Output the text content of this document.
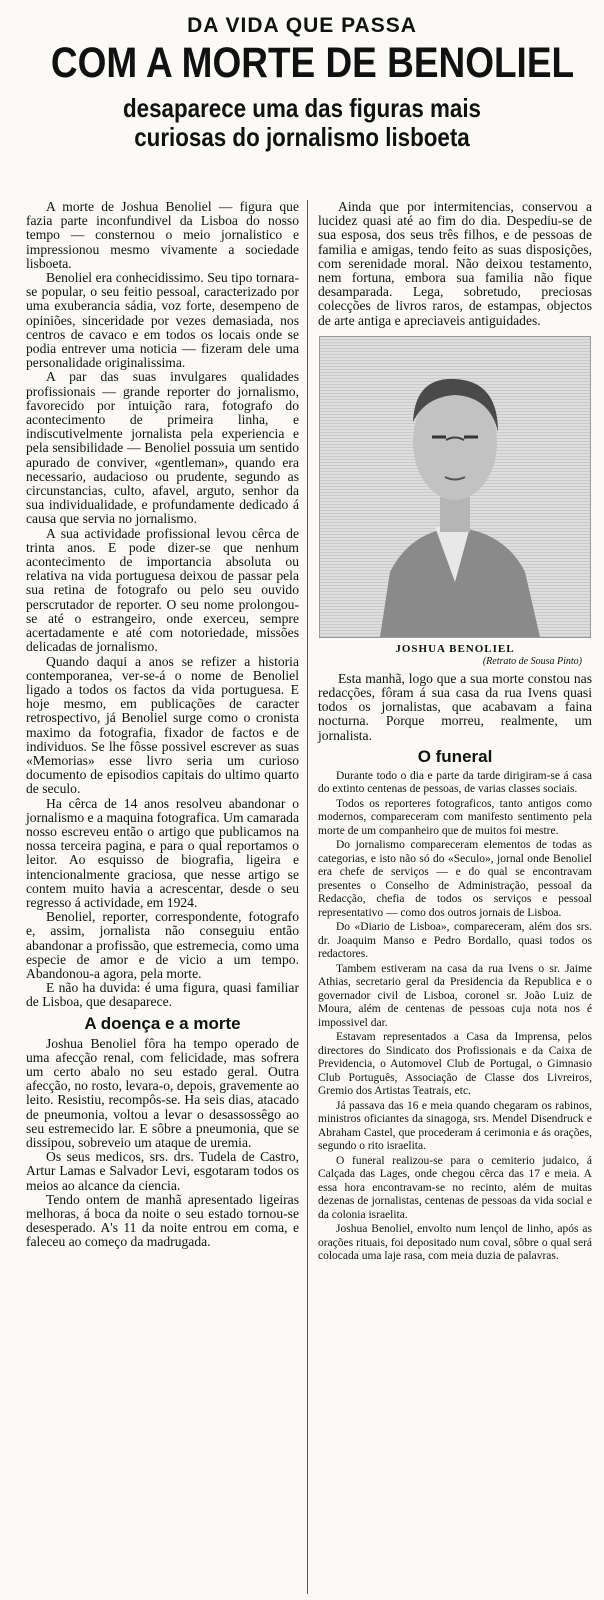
DA VIDA QUE PASSA
COM A MORTE DE BENOLIEL
desaparece uma das figuras mais
curiosas do jornalismo lisboeta

A morte de Joshua Benoliel — figura que fazia parte inconfundivel da Lisboa do nosso tempo — consternou o meio jornalistico e impressionou mesmo vivamente a sociedade lisboeta.

Benoliel era conhecidissimo. Seu tipo tornara-se popular, o seu feitio pessoal, caracterizado por uma exuberancia sádia, voz forte, desempeno de opiniões, sinceridade por vezes demasiada, nos centros de cavaco e em todos os locais onde se podia entrever uma noticia — fizeram dele uma personalidade originalissima.

A par das suas invulgares qualidades profissionais — grande reporter do jornalismo, favorecido por intuição rara, fotografo do acontecimento de primeira linha, e indiscutivelmente jornalista pela experiencia e pela sensibilidade — Benoliel possuia um sentido apurado de conviver, «gentleman», quando era necessario, audacioso ou prudente, segundo as circunstancias, culto, afavel, arguto, senhor da sua individualidade, e profundamente dedicado á causa que servia no jornalismo.

A sua actividade profissional levou cêrca de trinta anos. E pode dizer-se que nenhum acontecimento de importancia absoluta ou relativa na vida portuguesa deixou de passar pela sua retina de fotografo ou pelo seu ouvido perscrutador de reporter. O seu nome prolongou-se até o estrangeiro, onde exerceu, sempre acertadamente e até com notoriedade, missões delicadas de jornalismo.

Quando daqui a anos se refizer a historia contemporanea, ver-se-á o nome de Benoliel ligado a todos os factos da vida portuguesa. E hoje mesmo, em publicações de caracter retrospectivo, já Benoliel surge como o cronista maximo da fotografia, fixador de factos e de individuos. Se lhe fôsse possivel escrever as suas «Memorias» esse livro seria um curioso documento de episodios capitais do ultimo quarto de seculo.

Ha cêrca de 14 anos resolveu abandonar o jornalismo e a maquina fotografica. Um camarada nosso escreveu então o artigo que publicamos na nossa terceira pagina, e para o qual reportamos o leitor. Ao esquisso de biografia, ligeira e intencionalmente graciosa, que nesse artigo se contem muito havia a acrescentar, desde o seu regresso á actividade, em 1924.

Benoliel, reporter, correspondente, fotografo e, assim, jornalista não conseguiu então abandonar a profissão, que estremecia, como uma especie de amor e de vicio a um tempo. Abandonou-a agora, pela morte.

E não ha duvida: é uma figura, quasi familiar de Lisboa, que desaparece.

A doença e a morte

Joshua Benoliel fôra ha tempo operado de uma afecção renal, com felicidade, mas sofrera um certo abalo no seu estado geral. Outra afecção, no rosto, levara-o, depois, gravemente ao leito. Resistiu, recompôs-se. Ha seis dias, atacado de pneumonia, voltou a levar o desassossêgo ao seu estremecido lar. E sôbre a pneumonia, que se dissipou, sobreveio um ataque de uremia.

Os seus medicos, srs. drs. Tudela de Castro, Artur Lamas e Salvador Levi, esgotaram todos os meios ao alcance da ciencia.

Tendo ontem de manhã apresentado ligeiras melhoras, á boca da noite o seu estado tornou-se desesperado. A's 11 da noite entrou em coma, e faleceu ao começo da madrugada.

Ainda que por intermitencias, conservou a lucidez quasi até ao fim do dia. Despediu-se de sua esposa, dos seus três filhos, e de pessoas de familia e amigas, tendo feito as suas disposições, com serenidade moral. Não deixou testamento, nem fortuna, embora sua familia não fique desamparada. Lega, sobretudo, preciosas colecções de livros raros, de estampas, objectos de arte antiga e apreciaveis antiguidades.

JOSHUA BENOLIEL
(Retrato de Sousa Pinto)

Esta manhã, logo que a sua morte constou nas redacções, fôram á sua casa da rua Ivens quasi todos os jornalistas, que acabavam a faina nocturna. Porque morreu, realmente, um jornalista.

O funeral

Durante todo o dia e parte da tarde dirigiram-se á casa do extinto centenas de pessoas, de varias classes sociais.

Todos os reporteres fotograficos, tanto antigos como modernos, compareceram com manifesto sentimento pela morte de um companheiro que de muitos foi mestre.

Do jornalismo compareceram elementos de todas as categorias, e isto não só do «Seculo», jornal onde Benoliel era chefe de serviços — e do qual se encontravam presentes o Conselho de Administração, pessoal da Redacção, chefia de todos os serviços e pessoal representativo — como dos outros jornais de Lisboa.

Do «Diario de Lisboa», compareceram, além dos srs. dr. Joaquim Manso e Pedro Bordallo, quasi todos os redactores.

Tambem estiveram na casa da rua Ivens o sr. Jaime Athias, secretario geral da Presidencia da Republica e o governador civil de Lisboa, coronel sr. João Luiz de Moura, além de centenas de pessoas cuja nota nos é impossivel dar.

Estavam representados a Casa da Imprensa, pelos directores do Sindicato dos Profissionais e da Caixa de Previdencia, o Automovel Club de Portugal, o Gimnasio Club Português, Associação de Classe dos Livreiros, Gremio dos Artistas Teatrais, etc.

Já passava das 16 e meia quando chegaram os rabinos, ministros oficiantes da sinagoga, srs. Mendel Disendruck e Abraham Castel, que procederam á cerimonia e ás orações, segundo o rito israelita.

O funeral realizou-se para o cemiterio judaico, á Calçada das Lages, onde chegou cêrca das 17 e meia. A essa hora encontravam-se no recinto, além de muitas dezenas de jornalistas, centenas de pessoas da vida social e da colonia israelita.

Joshua Benoliel, envolto num lençol de linho, após as orações rituais, foi depositado num coval, sôbre o qual será colocada uma laje rasa, com meia duzia de palavras.
